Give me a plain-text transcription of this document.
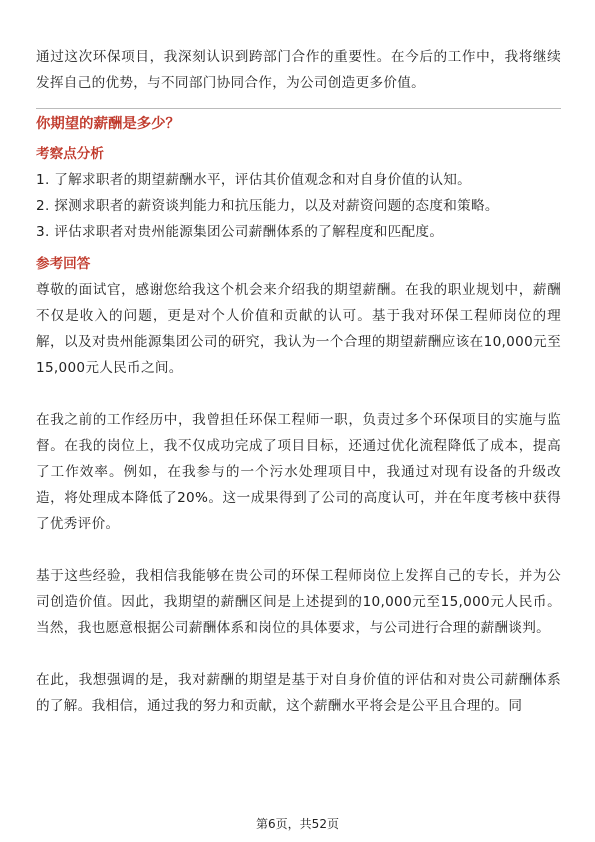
通过这次环保项目，我深刻认识到跨部门合作的重要性。在今后的工作中，我将继续发挥自己的优势，与不同部门协同合作，为公司创造更多价值。

你期望的薪酬是多少？
考察点分析
1. 了解求职者的期望薪酬水平，评估其价值观念和对自身价值的认知。
2. 探测求职者的薪资谈判能力和抗压能力，以及对薪资问题的态度和策略。
3. 评估求职者对贵州能源集团公司薪酬体系的了解程度和匹配度。
参考回答

尊敬的面试官，感谢您给我这个机会来介绍我的期望薪酬。在我的职业规划中，薪酬不仅是收入的问题，更是对个人价值和贡献的认可。基于我对环保工程师岗位的理解，以及对贵州能源集团公司的研究，我认为一个合理的期望薪酬应该在10,000元至15,000元人民币之间。

在我之前的工作经历中，我曾担任环保工程师一职，负责过多个环保项目的实施与监督。在我的岗位上，我不仅成功完成了项目目标，还通过优化流程降低了成本，提高了工作效率。例如，在我参与的一个污水处理项目中，我通过对现有设备的升级改造，将处理成本降低了20%。这一成果得到了公司的高度认可，并在年度考核中获得了优秀评价。

基于这些经验，我相信我能够在贵公司的环保工程师岗位上发挥自己的专长，并为公司创造价值。因此，我期望的薪酬区间是上述提到的10,000元至15,000元人民币。当然，我也愿意根据公司薪酬体系和岗位的具体要求，与公司进行合理的薪酬谈判。

在此，我想强调的是，我对薪酬的期望是基于对自身价值的评估和对贵公司薪酬体系的了解。我相信，通过我的努力和贡献，这个薪酬水平将会是公平且合理的。同

第6页，共52页
